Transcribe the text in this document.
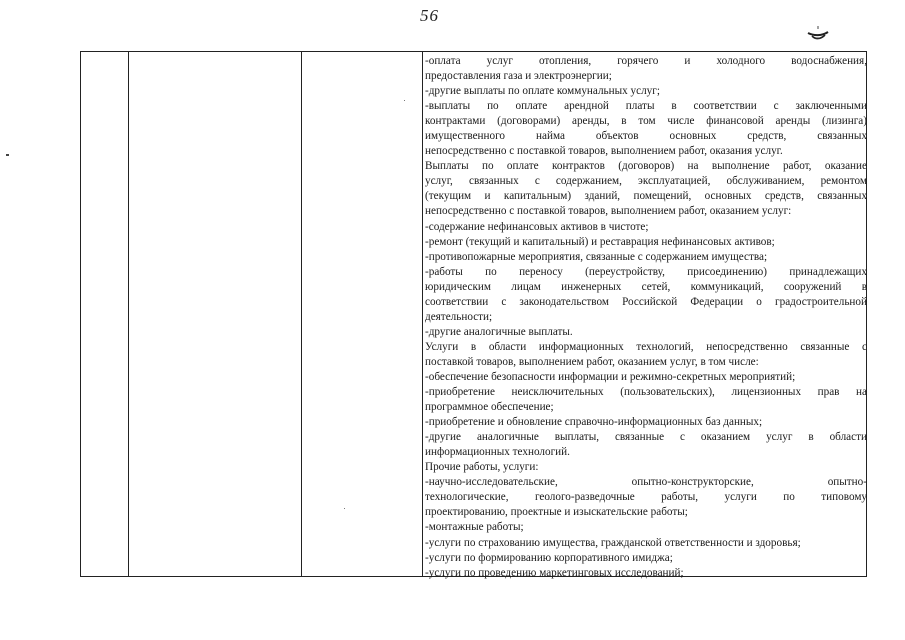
56
-оплата услуг отопления, горячего и холодного водоснабжения,
предоставления газа и электроэнергии;
-другие выплаты по оплате коммунальных услуг;
-выплаты по оплате арендной платы в соответствии с заключенными
контрактами (договорами) аренды, в том числе финансовой аренды (лизинга)
имущественного найма объектов основных средств, связанных
непосредственно с поставкой товаров, выполнением работ, оказания услуг.
Выплаты по оплате контрактов (договоров) на выполнение работ, оказание
услуг, связанных с содержанием, эксплуатацией, обслуживанием, ремонтом
(текущим и капитальным) зданий, помещений, основных средств, связанных
непосредственно с поставкой товаров, выполнением работ, оказанием услуг:
-содержание нефинансовых активов в чистоте;
-ремонт (текущий и капитальный) и реставрация нефинансовых активов;
-противопожарные мероприятия, связанные с содержанием имущества;
-работы по переносу (переустройству, присоединению) принадлежащих
юридическим лицам инженерных сетей, коммуникаций, сооружений в
соответствии с законодательством Российской Федерации о градостроительной
деятельности;
-другие аналогичные выплаты.
Услуги в области информационных технологий, непосредственно связанные с
поставкой товаров, выполнением работ, оказанием услуг, в том числе:
-обеспечение безопасности информации и режимно-секретных мероприятий;
-приобретение неисключительных (пользовательских), лицензионных прав на
программное обеспечение;
-приобретение и обновление справочно-информационных баз данных;
-другие аналогичные выплаты, связанные с оказанием услуг в области
информационных технологий.
Прочие работы, услуги:
-научно-исследовательские, опытно-конструкторские, опытно-
технологические, геолого-разведочные работы, услуги по типовому
проектированию, проектные и изыскательские работы;
-монтажные работы;
-услуги по страхованию имущества, гражданской ответственности и здоровья;
-услуги по формированию корпоративного имиджа;
-услуги по проведению маркетинговых исследований;
